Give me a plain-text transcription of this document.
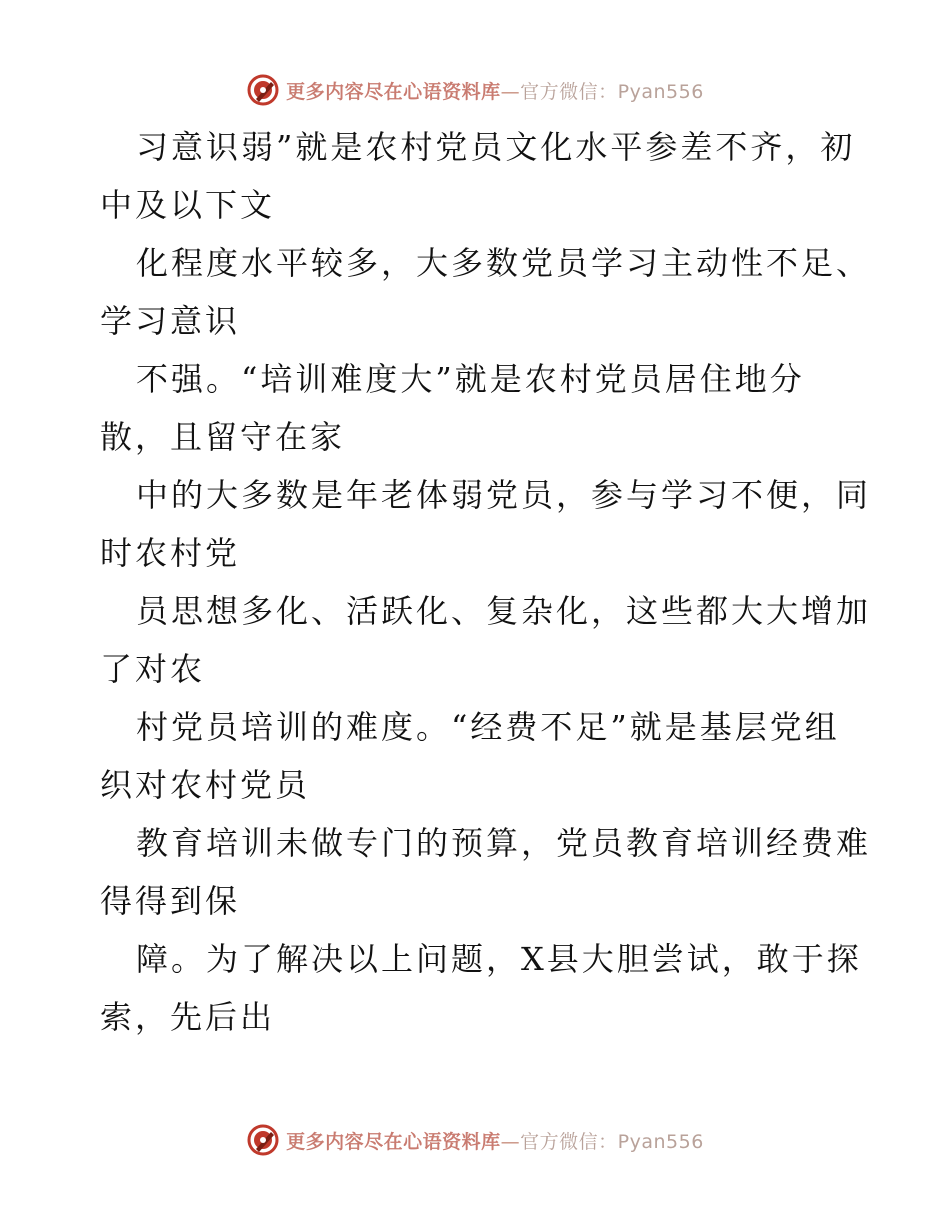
更多内容尽在心语资料库—官方微信：Pyan556
习意识弱”就是农村党员文化水平参差不齐，初
中及以下文
化程度水平较多，大多数党员学习主动性不足、
学习意识
不强。“培训难度大”就是农村党员居住地分
散，且留守在家
中的大多数是年老体弱党员，参与学习不便，同
时农村党
员思想多化、活跃化、复杂化，这些都大大增加
了对农
村党员培训的难度。“经费不足”就是基层党组
织对农村党员
教育培训未做专门的预算，党员教育培训经费难
得得到保
障。为了解决以上问题，X县大胆尝试，敢于探
索，先后出
更多内容尽在心语资料库—官方微信：Pyan556
